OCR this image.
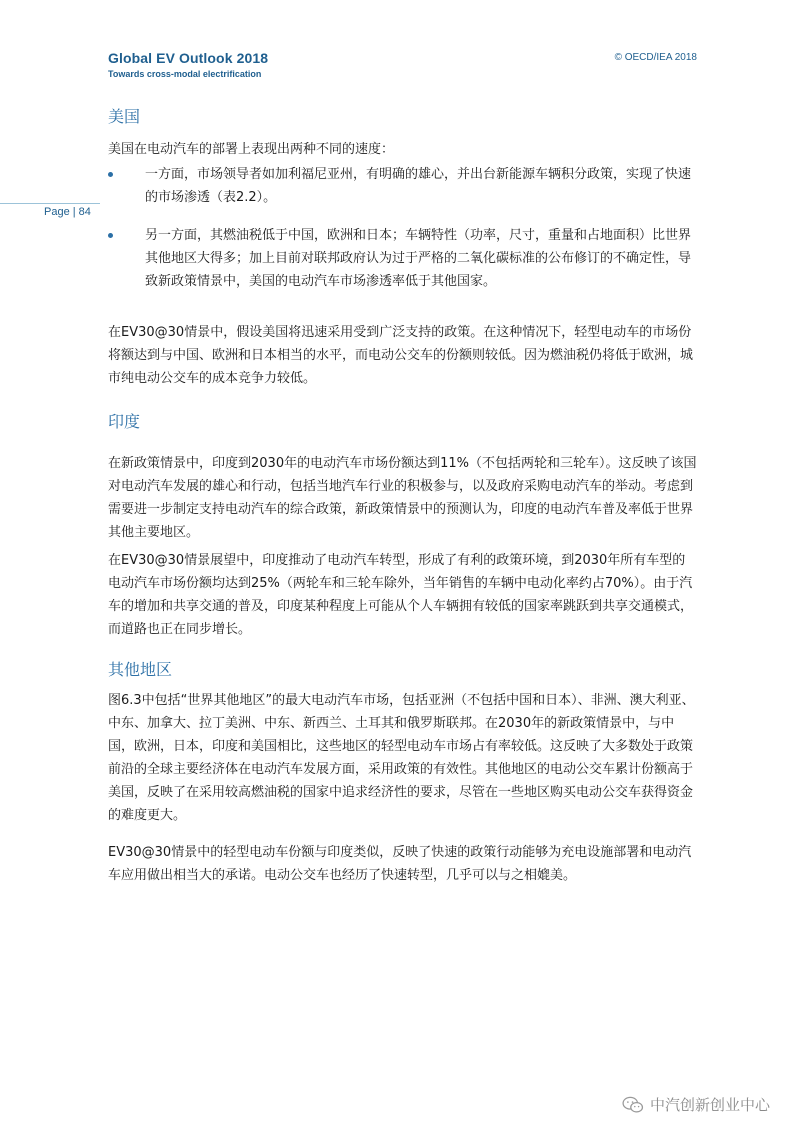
Global EV Outlook 2018
Towards cross-modal electrification
© OECD/IEA 2018
Page | 84
美国

美国在电动汽车的部署上表现出两种不同的速度：

一方面，市场领导者如加利福尼亚州，有明确的雄心，并出台新能源车辆积分政策，实现了快速的市场渗透（表2.2）。
另一方面，其燃油税低于中国，欧洲和日本；车辆特性（功率，尺寸，重量和占地面积）比世界其他地区大得多；加上目前对联邦政府认为过于严格的二氧化碳标准的公布修订的不确定性，导致新政策情景中，美国的电动汽车市场渗透率低于其他国家。

在EV30@30情景中，假设美国将迅速采用受到广泛支持的政策。在这种情况下，轻型电动车的市场份将额达到与中国、欧洲和日本相当的水平，而电动公交车的份额则较低。因为燃油税仍将低于欧洲，城市纯电动公交车的成本竞争力较低。

印度

在新政策情景中，印度到2030年的电动汽车市场份额达到11%（不包括两轮和三轮车）。这反映了该国对电动汽车发展的雄心和行动，包括当地汽车行业的积极参与，以及政府采购电动汽车的举动。考虑到需要进一步制定支持电动汽车的综合政策，新政策情景中的预测认为，印度的电动汽车普及率低于世界其他主要地区。

在EV30@30情景展望中，印度推动了电动汽车转型，形成了有利的政策环境，到2030年所有车型的电动汽车市场份额均达到25%（两轮车和三轮车除外，当年销售的车辆中电动化率约占70%）。由于汽车的增加和共享交通的普及，印度某种程度上可能从个人车辆拥有较低的国家率跳跃到共享交通模式，而道路也正在同步增长。

其他地区

图6.3中包括“世界其他地区”的最大电动汽车市场，包括亚洲（不包括中国和日本）、非洲、澳大利亚、中东、加拿大、拉丁美洲、中东、新西兰、土耳其和俄罗斯联邦。在2030年的新政策情景中，与中国，欧洲，日本，印度和美国相比，这些地区的轻型电动车市场占有率较低。这反映了大多数处于政策前沿的全球主要经济体在电动汽车发展方面，采用政策的有效性。其他地区的电动公交车累计份额高于美国，反映了在采用较高燃油税的国家中追求经济性的要求，尽管在一些地区购买电动公交车获得资金的难度更大。

EV30@30情景中的轻型电动车份额与印度类似，反映了快速的政策行动能够为充电设施部署和电动汽车应用做出相当大的承诺。电动公交车也经历了快速转型，几乎可以与之相媲美。

中汽创新创业中心
